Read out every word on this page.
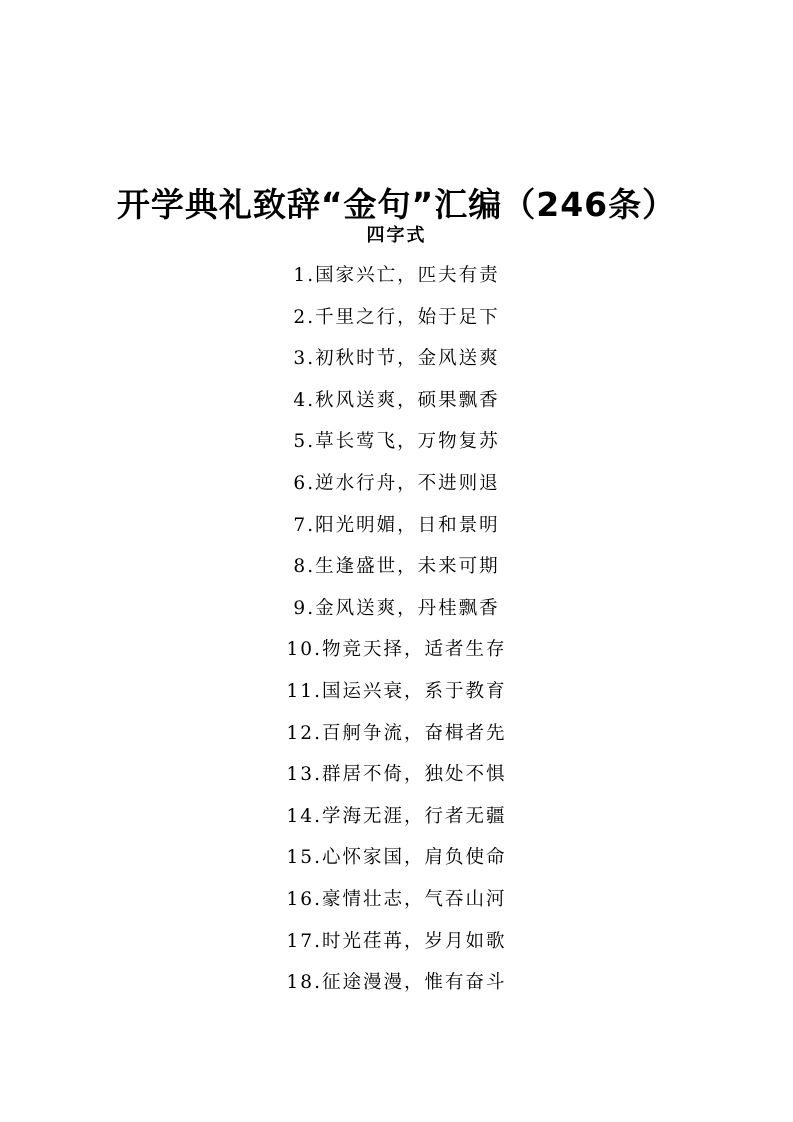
开学典礼致辞“金句”汇编（246条）
四字式
1.国家兴亡，匹夫有责
2.千里之行，始于足下
3.初秋时节，金风送爽
4.秋风送爽，硕果飘香
5.草长莺飞，万物复苏
6.逆水行舟，不进则退
7.阳光明媚，日和景明
8.生逢盛世，未来可期
9.金风送爽，丹桂飘香
10.物竞天择，适者生存
11.国运兴衰，系于教育
12.百舸争流，奋楫者先
13.群居不倚，独处不惧
14.学海无涯，行者无疆
15.心怀家国，肩负使命
16.豪情壮志，气吞山河
17.时光荏苒，岁月如歌
18.征途漫漫，惟有奋斗
